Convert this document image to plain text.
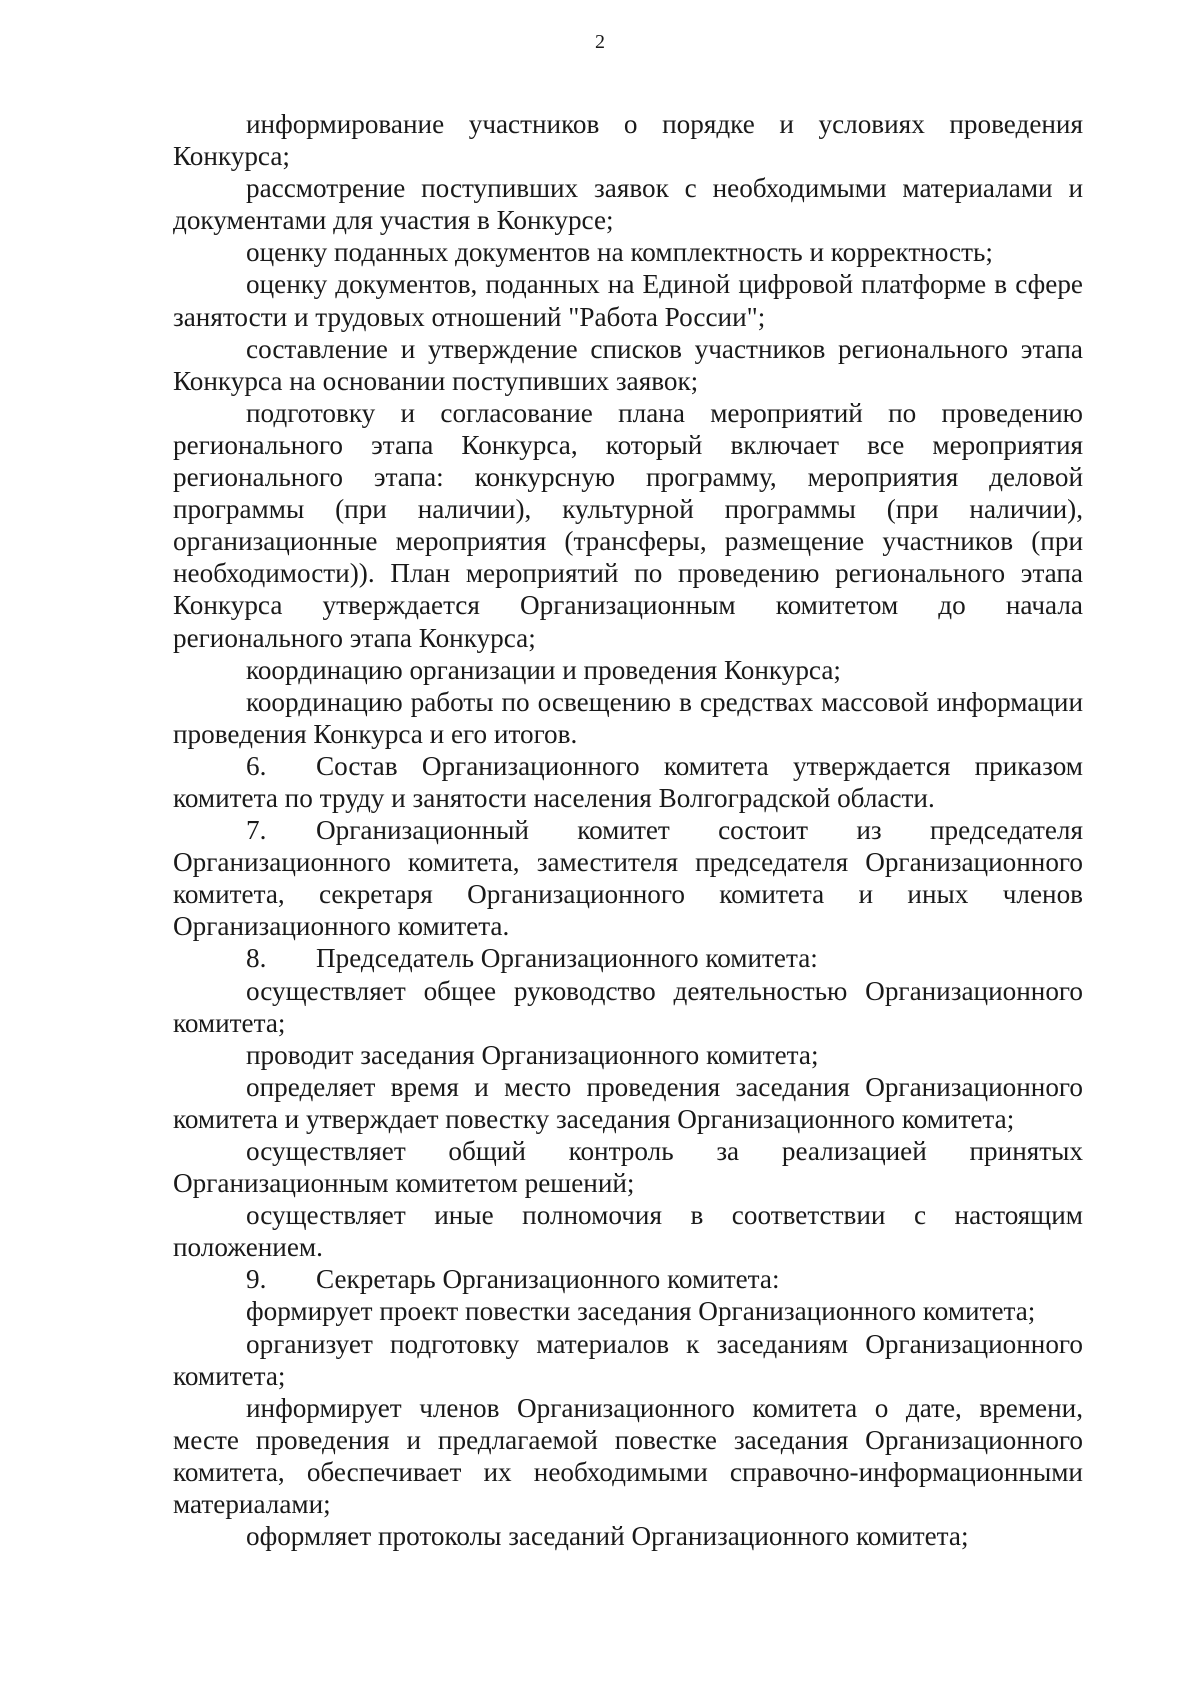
2

информирование участников о порядке и условиях проведения Конкурса;

рассмотрение поступивших заявок с необходимыми материалами и документами для участия в Конкурсе;

оценку поданных документов на комплектность и корректность;

оценку документов, поданных на Единой цифровой платформе в сфере занятости и трудовых отношений "Работа России";

составление и утверждение списков участников регионального этапа Конкурса на основании поступивших заявок;

подготовку и согласование плана мероприятий по проведению регионального этапа Конкурса, который включает все мероприятия регионального этапа: конкурсную программу, мероприятия деловой программы (при наличии), культурной программы (при наличии), организационные мероприятия (трансферы, размещение участников (при необходимости)). План мероприятий по проведению регионального этапа Конкурса утверждается Организационным комитетом до начала регионального этапа Конкурса;

координацию организации и проведения Конкурса;

координацию работы по освещению в средствах массовой информации проведения Конкурса и его итогов.

6. Состав Организационного комитета утверждается приказом комитета по труду и занятости населения Волгоградской области.

7. Организационный комитет состоит из председателя Организационного комитета, заместителя председателя Организационного комитета, секретаря Организационного комитета и иных членов Организационного комитета.

8. Председатель Организационного комитета:

осуществляет общее руководство деятельностью Организационного комитета;

проводит заседания Организационного комитета;

определяет время и место проведения заседания Организационного комитета и утверждает повестку заседания Организационного комитета;

осуществляет общий контроль за реализацией принятых Организационным комитетом решений;

осуществляет иные полномочия в соответствии с настоящим положением.

9. Секретарь Организационного комитета:

формирует проект повестки заседания Организационного комитета;

организует подготовку материалов к заседаниям Организационного комитета;

информирует членов Организационного комитета о дате, времени, месте проведения и предлагаемой повестке заседания Организационного комитета, обеспечивает их необходимыми справочно-информационными материалами;

оформляет протоколы заседаний Организационного комитета;
